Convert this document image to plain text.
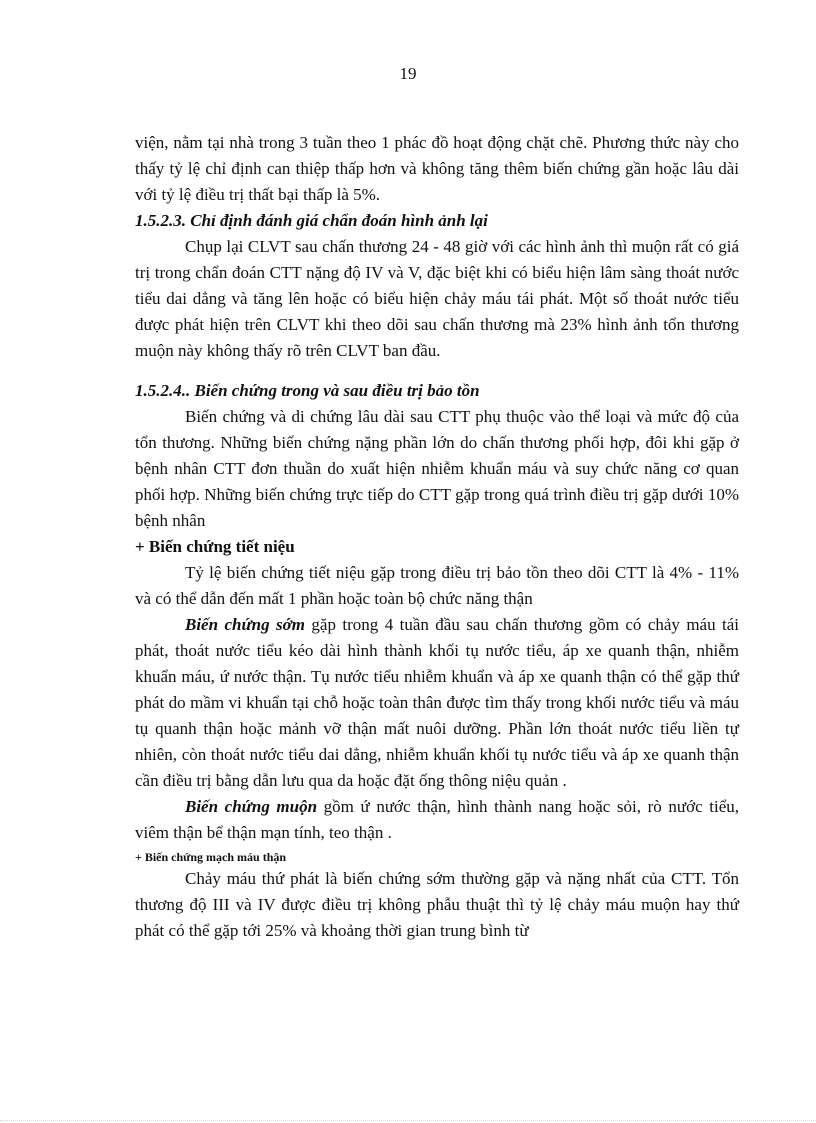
19

viện, nằm tại nhà trong 3 tuần theo 1 phác đồ hoạt động chặt chẽ. Phương thức này cho thấy tỷ lệ chỉ định can thiệp thấp hơn và không tăng thêm biến chứng gần hoặc lâu dài với tỷ lệ điều trị thất bại thấp là 5%.

1.5.2.3. Chỉ định đánh giá chẩn đoán hình ảnh lại

Chụp lại CLVT sau chấn thương 24 - 48 giờ với các hình ảnh thì muộn rất có giá trị trong chẩn đoán CTT nặng độ IV và V, đặc biệt khi có biểu hiện lâm sàng thoát nước tiểu dai dẳng và tăng lên hoặc có biểu hiện chảy máu tái phát. Một số thoát nước tiểu được phát hiện trên CLVT khi theo dõi sau chấn thương mà 23% hình ảnh tổn thương muộn này không thấy rõ trên CLVT ban đầu.

1.5.2.4.. Biến chứng trong và sau điều trị bảo tồn

Biến chứng và di chứng lâu dài sau CTT phụ thuộc vào thể loại và mức độ của tổn thương. Những biến chứng nặng phần lớn do chấn thương phối hợp, đôi khi gặp ở bệnh nhân CTT đơn thuần do xuất hiện nhiễm khuẩn máu và suy chức năng cơ quan phối hợp. Những biến chứng trực tiếp do CTT gặp trong quá trình điều trị gặp dưới 10% bệnh nhân

+ Biến chứng tiết niệu

Tỷ lệ biến chứng tiết niệu gặp trong điều trị bảo tồn theo dõi CTT là 4% - 11% và có thể dẫn đến mất 1 phần hoặc toàn bộ chức năng thận

Biến chứng sớm gặp trong 4 tuần đầu sau chấn thương gồm có chảy máu tái phát, thoát nước tiểu kéo dài hình thành khối tụ nước tiểu, áp xe quanh thận, nhiễm khuẩn máu, ứ nước thận. Tụ nước tiểu nhiễm khuẩn và áp xe quanh thận có thể gặp thứ phát do mầm vi khuẩn tại chỗ hoặc toàn thân được tìm thấy trong khối nước tiểu và máu tụ quanh thận hoặc mảnh vỡ thận mất nuôi dưỡng. Phần lớn thoát nước tiểu liền tự nhiên, còn thoát nước tiểu dai dẳng, nhiễm khuẩn khối tụ nước tiểu và áp xe quanh thận cần điều trị bằng dẫn lưu qua da hoặc đặt ống thông niệu quản .

Biến chứng muộn gồm ứ nước thận, hình thành nang hoặc sỏi, rò nước tiểu, viêm thận bể thận mạn tính, teo thận .

+ Biến chứng mạch máu thận

Chảy máu thứ phát là biến chứng sớm thường gặp và nặng nhất của CTT. Tổn thương độ III và IV được điều trị không phẫu thuật thì tỷ lệ chảy máu muộn hay thứ phát có thể gặp tới 25% và khoảng thời gian trung bình từ
